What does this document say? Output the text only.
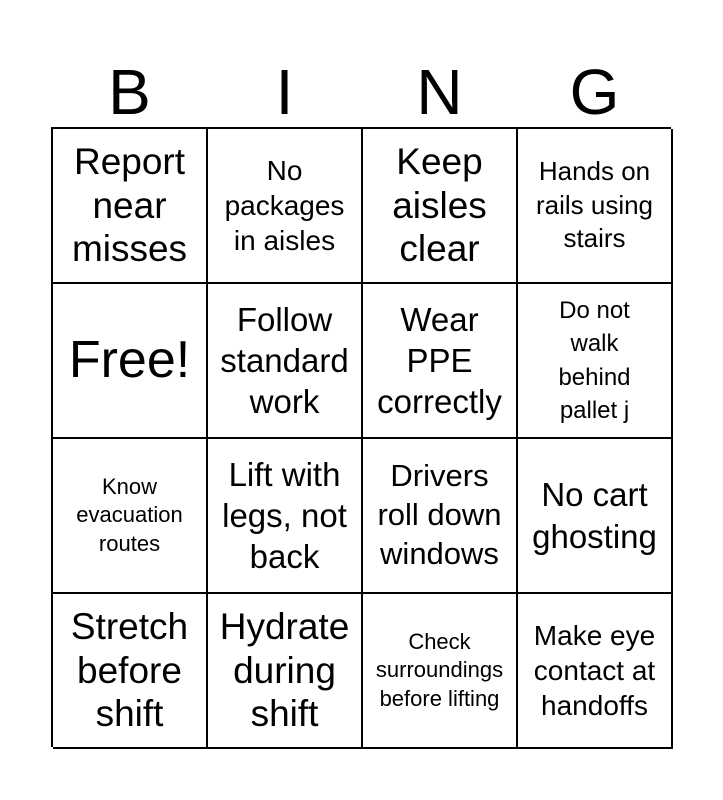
B	I	N	G
Report near misses
No packages in aisles
Keep aisles clear
Hands on rails using stairs
Free!
Follow standard work
Wear PPE correctly
Do not walk behind pallet j
Know evacuation routes
Lift with legs, not back
Drivers roll down windows
No cart ghosting
Stretch before shift
Hydrate during shift
Check surroundings before lifting
Make eye contact at handoffs
